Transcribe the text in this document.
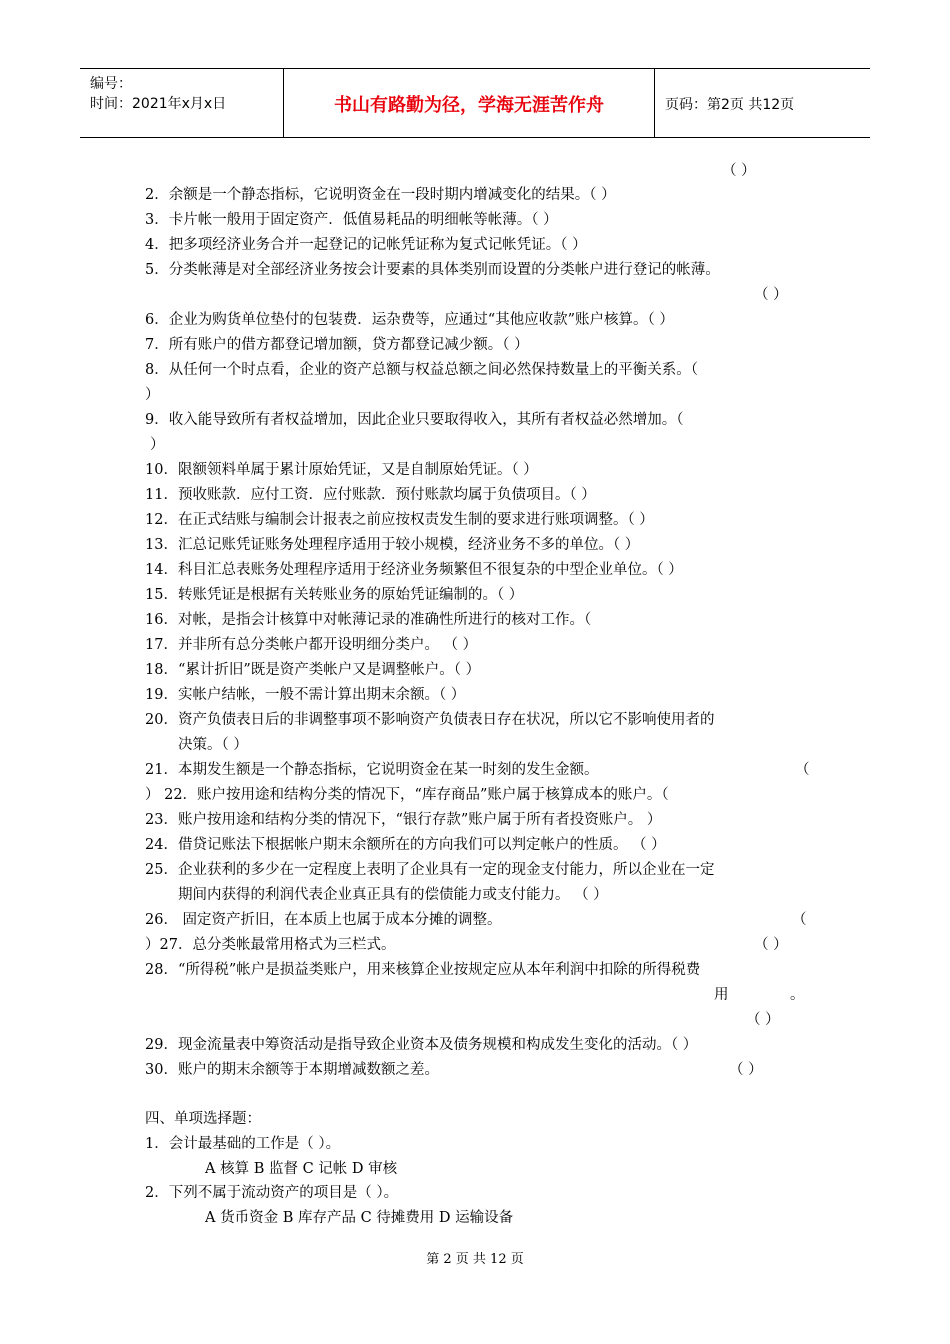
编号：
时间：2021年x月x日	书山有路勤为径，学海无涯苦作舟	页码：第2页 共12页
（ ）
2．余额是一个静态指标，它说明资金在一段时期内增减变化的结果。（ ）
3．卡片帐一般用于固定资产．低值易耗品的明细帐等帐薄。（ ）
4．把多项经济业务合并一起登记的记帐凭证称为复式记帐凭证。（ ）
5．分类帐薄是对全部经济业务按会计要素的具体类别而设置的分类帐户进行登记的帐薄。
（ ）
6．企业为购货单位垫付的包装费．运杂费等，应通过“其他应收款”账户核算。（ ）
7．所有账户的借方都登记增加额，贷方都登记减少额。（ ）
8．从任何一个时点看，企业的资产总额与权益总额之间必然保持数量上的平衡关系。（
）
9．收入能导致所有者权益增加，因此企业只要取得收入，其所有者权益必然增加。（
）
10．限额领料单属于累计原始凭证，又是自制原始凭证。（ ）
11．预收账款．应付工资．应付账款．预付账款均属于负债项目。（ ）
12．在正式结账与编制会计报表之前应按权责发生制的要求进行账项调整。（ ）
13．汇总记账凭证账务处理程序适用于较小规模，经济业务不多的单位。（ ）
14．科目汇总表账务处理程序适用于经济业务频繁但不很复杂的中型企业单位。（ ）
15．转账凭证是根据有关转账业务的原始凭证编制的。（ ）
16．对帐，是指会计核算中对帐薄记录的准确性所进行的核对工作。（
17．并非所有总分类帐户都开设明细分类户。 （ ）
18．“累计折旧”既是资产类帐户又是调整帐户。（ ）
19．实帐户结帐，一般不需计算出期末余额。（ ）
20．资产负债表日后的非调整事项不影响资产负债表日存在状况，所以它不影响使用者的
决策。（ ）
21．本期发生额是一个静态指标，它说明资金在某一时刻的发生金额。	（
） 22．账户按用途和结构分类的情况下，“库存商品”账户属于核算成本的账户。（
23．账户按用途和结构分类的情况下，“银行存款”账户属于所有者投资账户。 ）
24．借贷记账法下根据帐户期末余额所在的方向我们可以判定帐户的性质。 （ ）
25．企业获利的多少在一定程度上表明了企业具有一定的现金支付能力，所以企业在一定
期间内获得的利润代表企业真正具有的偿债能力或支付能力。 （ ）
26． 固定资产折旧，在本质上也属于成本分摊的调整。	（
）27．总分类帐最常用格式为三栏式。	（ ）
28．“所得税”帐户是损益类账户，用来核算企业按规定应从本年利润中扣除的所得税费
用	。
（ ）
29．现金流量表中筹资活动是指导致企业资本及债务规模和构成发生变化的活动。（ ）
30．账户的期末余额等于本期增减数额之差。	（ ）
四、单项选择题：
1．会计最基础的工作是（ ）。
A 核算 B 监督 C 记帐 D 审核
2．下列不属于流动资产的项目是（ ）。
A 货币资金 B 库存产品 C 待摊费用 D 运输设备
第 2 页 共 12 页
